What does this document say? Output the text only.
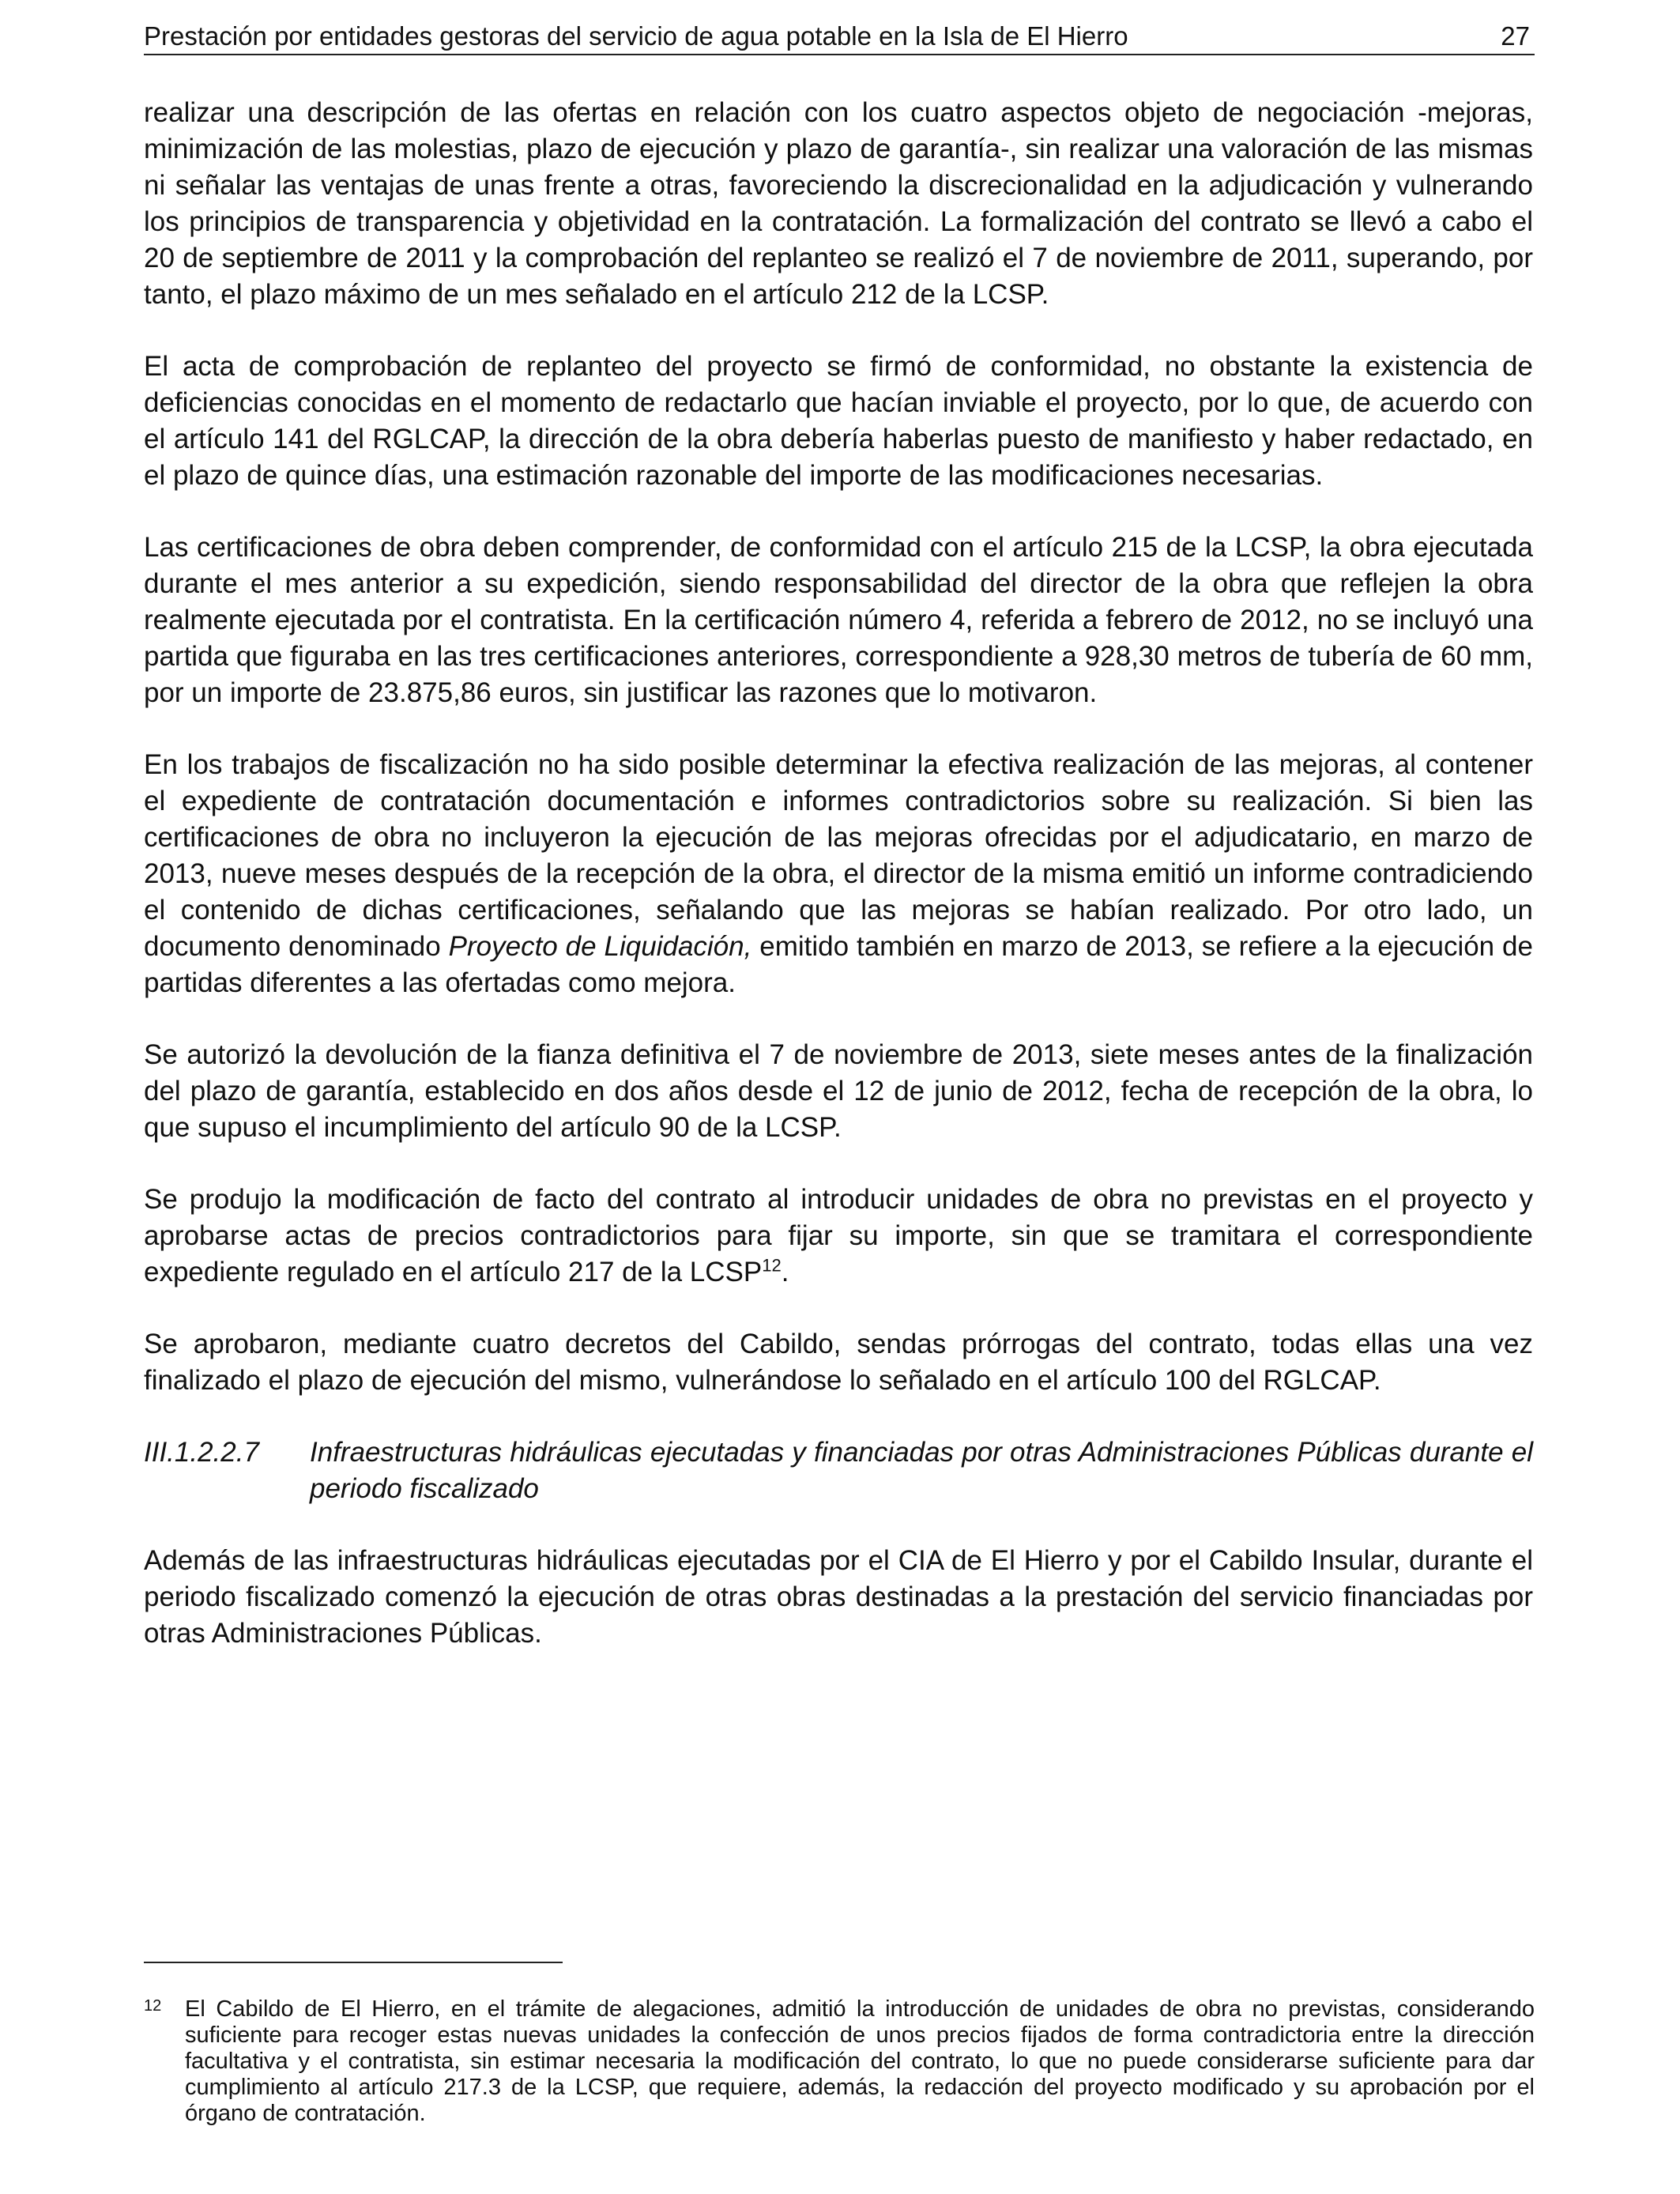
Prestación por entidades gestoras del servicio de agua potable en la Isla de El Hierro	27

realizar una descripción de las ofertas en relación con los cuatro aspectos objeto de negociación -mejoras, minimización de las molestias, plazo de ejecución y plazo de garantía-, sin realizar una valoración de las mismas ni señalar las ventajas de unas frente a otras, favoreciendo la discrecionalidad en la adjudicación y vulnerando los principios de transparencia y objetividad en la contratación. La formalización del contrato se llevó a cabo el 20 de septiembre de 2011 y la comprobación del replanteo se realizó el 7 de noviembre de 2011, superando, por tanto, el plazo máximo de un mes señalado en el artículo 212 de la LCSP.

El acta de comprobación de replanteo del proyecto se firmó de conformidad, no obstante la existencia de deficiencias conocidas en el momento de redactarlo que hacían inviable el proyecto, por lo que, de acuerdo con el artículo 141 del RGLCAP, la dirección de la obra debería haberlas puesto de manifiesto y haber redactado, en el plazo de quince días, una estimación razonable del importe de las modificaciones necesarias.

Las certificaciones de obra deben comprender, de conformidad con el artículo 215 de la LCSP, la obra ejecutada durante el mes anterior a su expedición, siendo responsabilidad del director de la obra que reflejen la obra realmente ejecutada por el contratista. En la certificación número 4, referida a febrero de 2012, no se incluyó una partida que figuraba en las tres certificaciones anteriores, correspondiente a 928,30 metros de tubería de 60 mm, por un importe de 23.875,86 euros, sin justificar las razones que lo motivaron.

En los trabajos de fiscalización no ha sido posible determinar la efectiva realización de las mejoras, al contener el expediente de contratación documentación e informes contradictorios sobre su realización. Si bien las certificaciones de obra no incluyeron la ejecución de las mejoras ofrecidas por el adjudicatario, en marzo de 2013, nueve meses después de la recepción de la obra, el director de la misma emitió un informe contradiciendo el contenido de dichas certificaciones, señalando que las mejoras se habían realizado. Por otro lado, un documento denominado Proyecto de Liquidación, emitido también en marzo de 2013, se refiere a la ejecución de partidas diferentes a las ofertadas como mejora.

Se autorizó la devolución de la fianza definitiva el 7 de noviembre de 2013, siete meses antes de la finalización del plazo de garantía, establecido en dos años desde el 12 de junio de 2012, fecha de recepción de la obra, lo que supuso el incumplimiento del artículo 90 de la LCSP.

Se produjo la modificación de facto del contrato al introducir unidades de obra no previstas en el proyecto y aprobarse actas de precios contradictorios para fijar su importe, sin que se tramitara el correspondiente expediente regulado en el artículo 217 de la LCSP$^{12}$.

Se aprobaron, mediante cuatro decretos del Cabildo, sendas prórrogas del contrato, todas ellas una vez finalizado el plazo de ejecución del mismo, vulnerándose lo señalado en el artículo 100 del RGLCAP.

III.1.2.2.7	Infraestructuras hidráulicas ejecutadas y financiadas por otras Administraciones Públicas durante el periodo fiscalizado

Además de las infraestructuras hidráulicas ejecutadas por el CIA de El Hierro y por el Cabildo Insular, durante el periodo fiscalizado comenzó la ejecución de otras obras destinadas a la prestación del servicio financiadas por otras Administraciones Públicas.

12	El Cabildo de El Hierro, en el trámite de alegaciones, admitió la introducción de unidades de obra no previstas, considerando suficiente para recoger estas nuevas unidades la confección de unos precios fijados de forma contradictoria entre la dirección facultativa y el contratista, sin estimar necesaria la modificación del contrato, lo que no puede considerarse suficiente para dar cumplimiento al artículo 217.3 de la LCSP, que requiere, además, la redacción del proyecto modificado y su aprobación por el órgano de contratación.
